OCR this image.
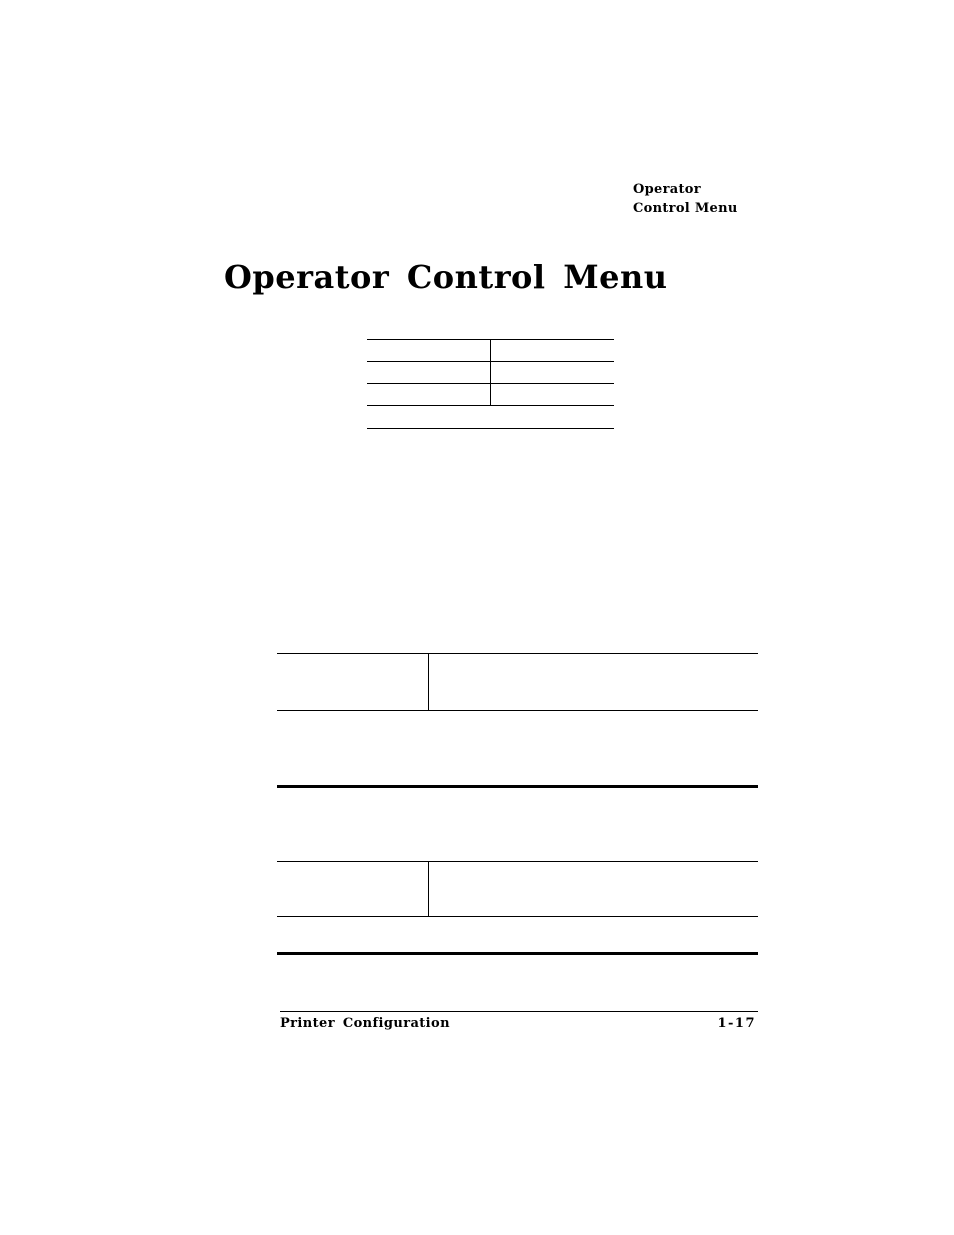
Operator
Control Menu
Operator Control Menu

Printer Configuration	1-17
